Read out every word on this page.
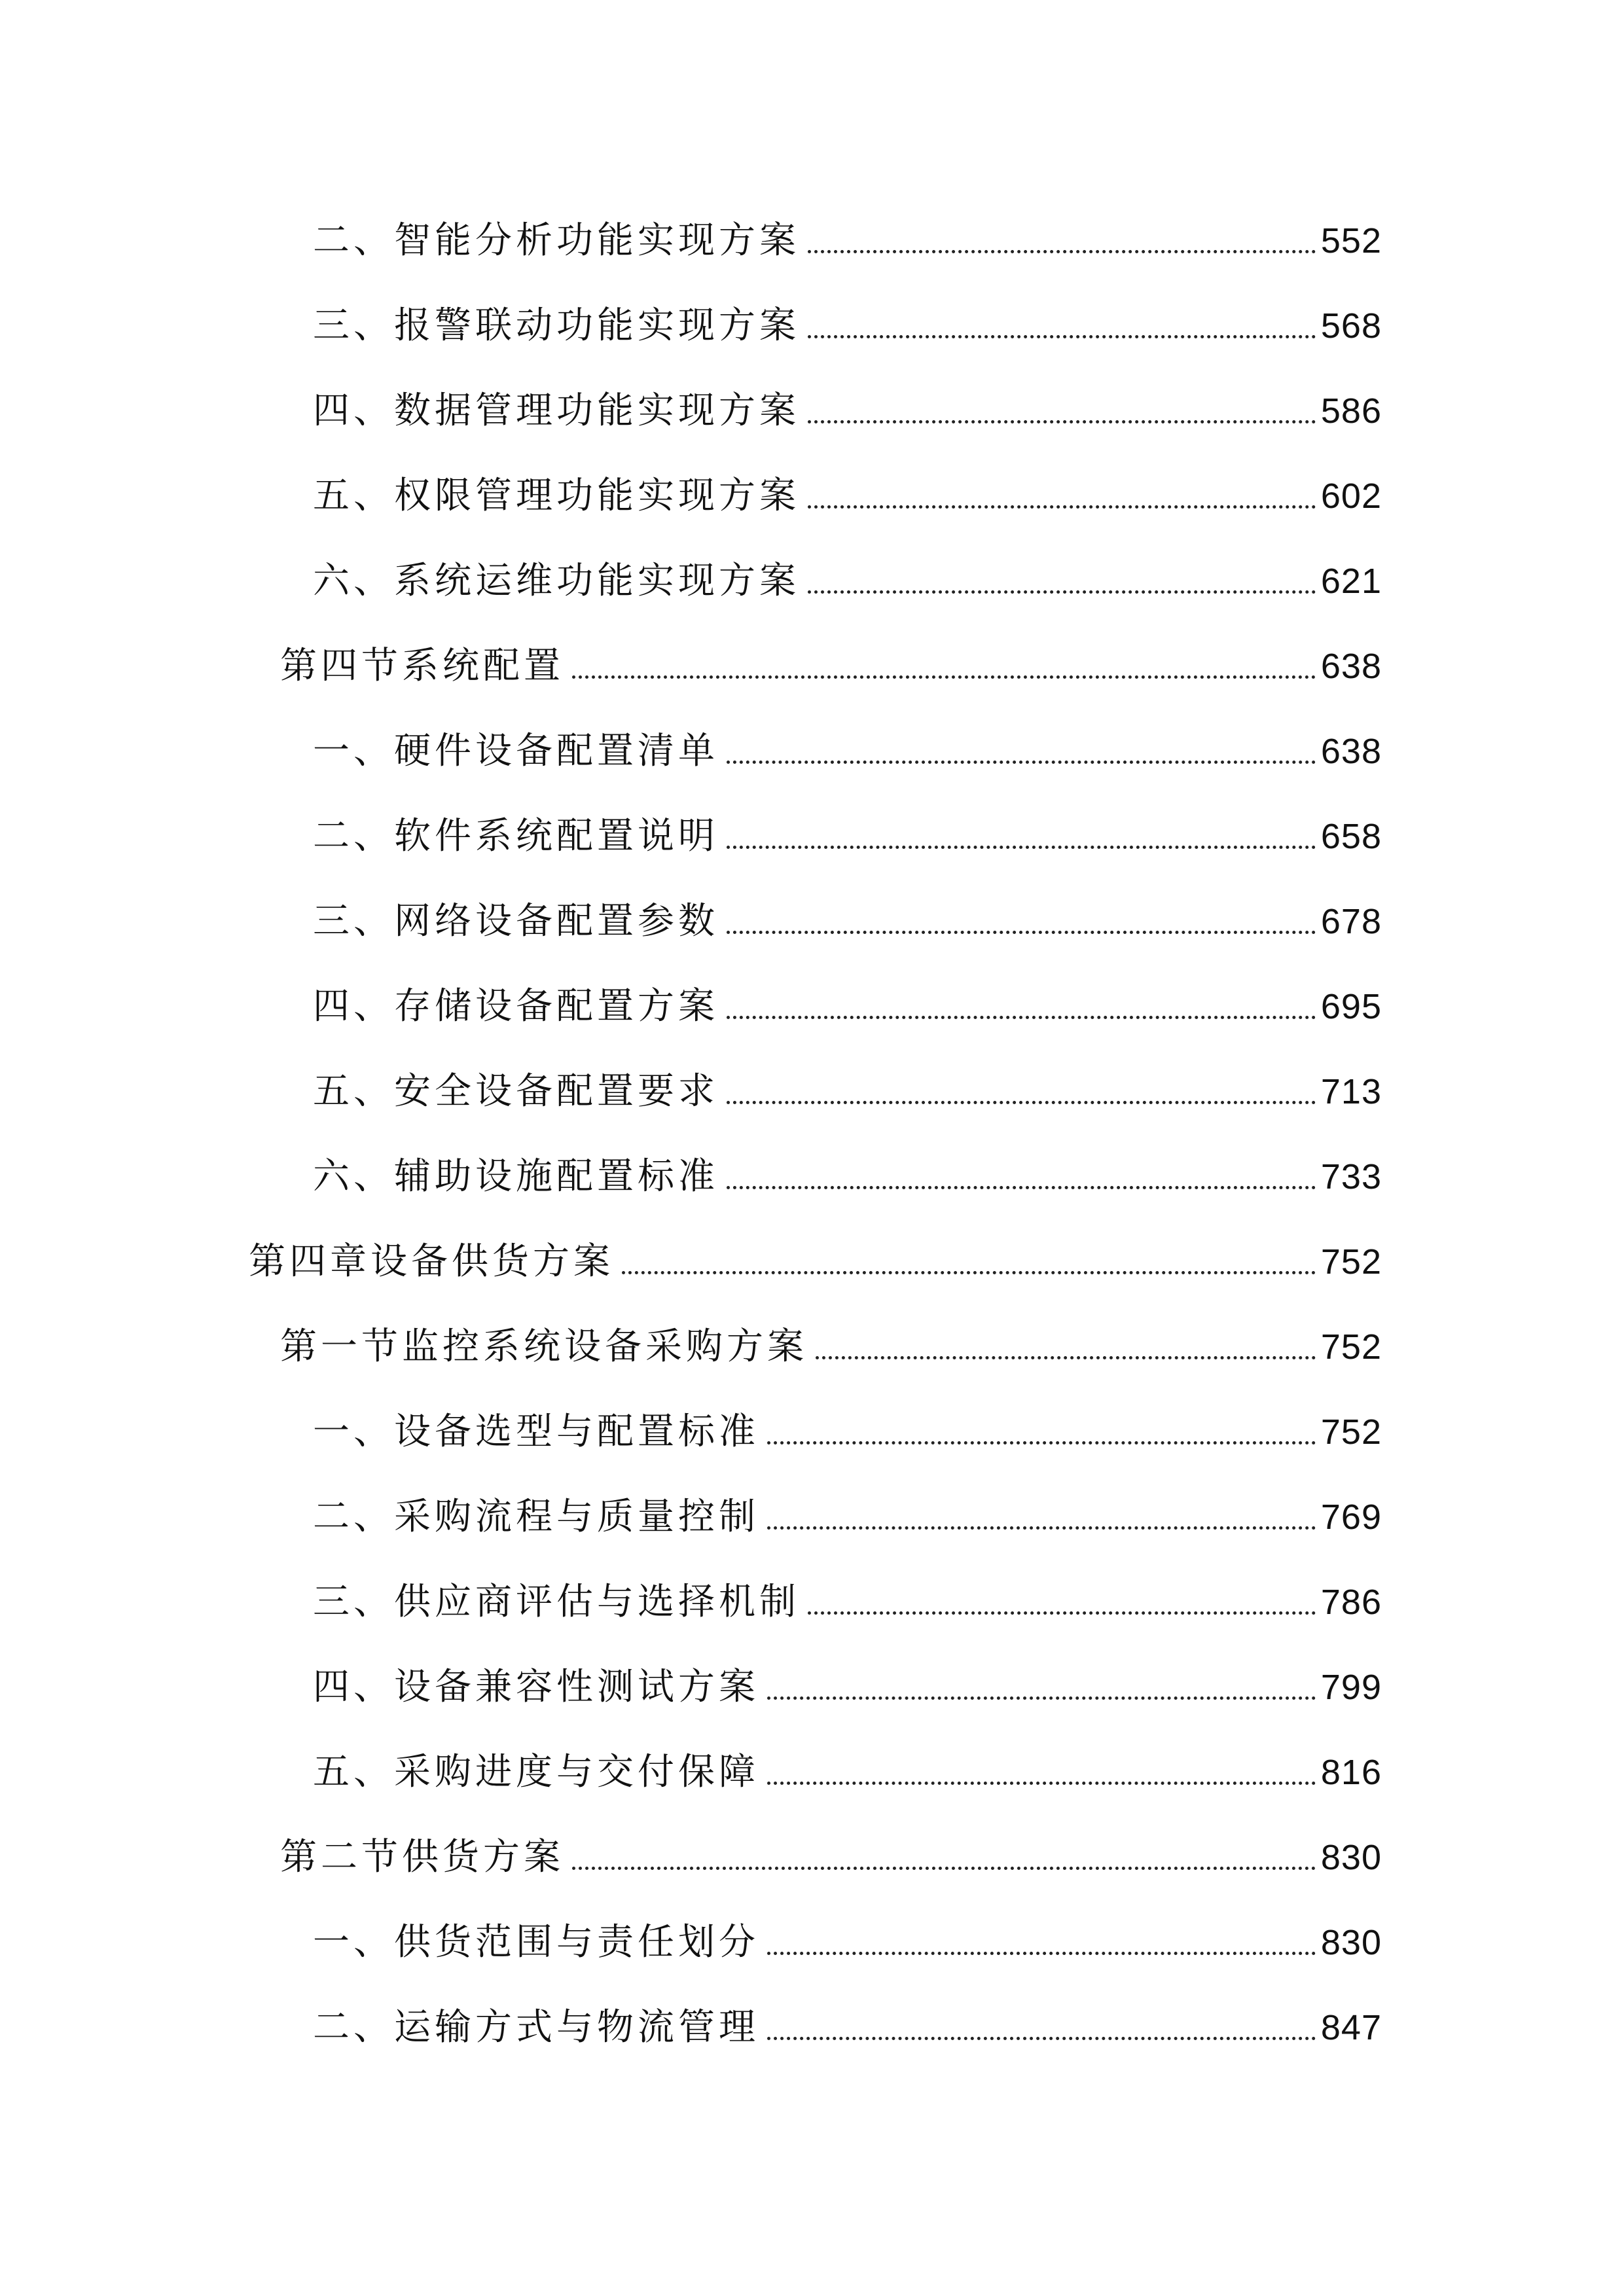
二、智能分析功能实现方案	552
三、报警联动功能实现方案	568
四、数据管理功能实现方案	586
五、权限管理功能实现方案	602
六、系统运维功能实现方案	621
第四节系统配置	638
一、硬件设备配置清单	638
二、软件系统配置说明	658
三、网络设备配置参数	678
四、存储设备配置方案	695
五、安全设备配置要求	713
六、辅助设施配置标准	733
第四章设备供货方案	752
第一节监控系统设备采购方案	752
一、设备选型与配置标准	752
二、采购流程与质量控制	769
三、供应商评估与选择机制	786
四、设备兼容性测试方案	799
五、采购进度与交付保障	816
第二节供货方案	830
一、供货范围与责任划分	830
二、运输方式与物流管理	847
